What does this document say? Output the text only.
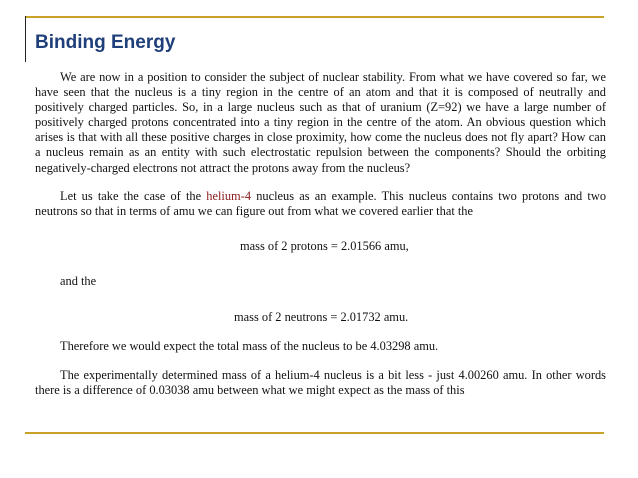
Binding Energy

We are now in a position to consider the subject of nuclear stability. From what we have covered so far, we have seen that the nucleus is a tiny region in the centre of an atom and that it is composed of neutrally and positively charged particles. So, in a large nucleus such as that of uranium (Z=92) we have a large number of positively charged protons concentrated into a tiny region in the centre of the atom. An obvious question which arises is that with all these positive charges in close proximity, how come the nucleus does not fly apart? How can a nucleus remain as an entity with such electrostatic repulsion between the components? Should the orbiting negatively-charged electrons not attract the protons away from the nucleus?

Let us take the case of the helium-4 nucleus as an example. This nucleus contains two protons and two neutrons so that in terms of amu we can figure out from what we covered earlier that the

mass of 2 protons = 2.01566 amu,

and the

mass of 2 neutrons = 2.01732 amu.

Therefore we would expect the total mass of the nucleus to be 4.03298 amu.

The experimentally determined mass of a helium-4 nucleus is a bit less - just 4.00260 amu. In other words there is a difference of 0.03038 amu between what we might expect as the mass of this
